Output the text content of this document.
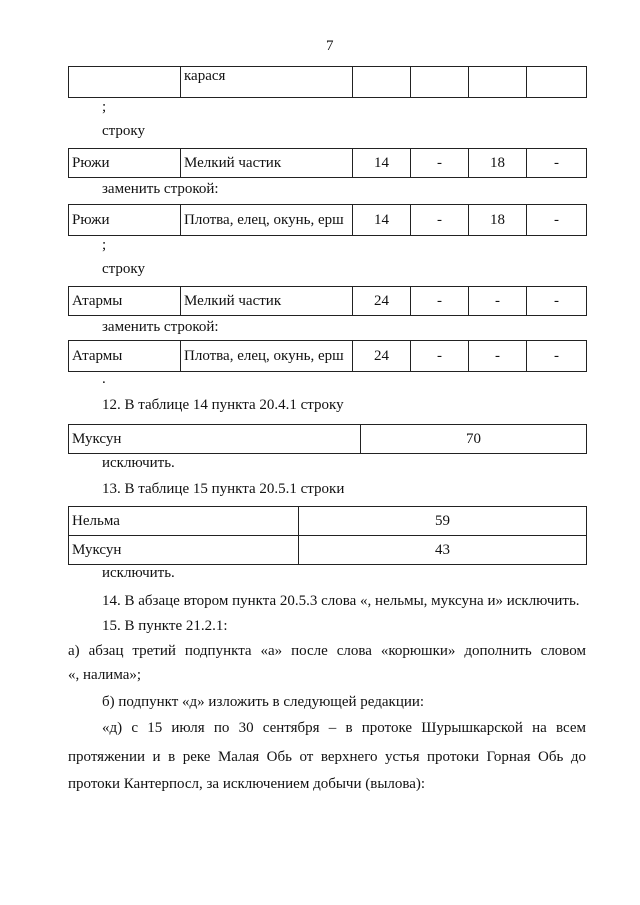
7
	карася				
;
строку
Рюжи	Мелкий частик	14	-	18	-
заменить строкой:
Рюжи	Плотва, елец, окунь, ерш	14	-	18	-
;
строку
Атармы	Мелкий частик	24	-	-	-
заменить строкой:
Атармы	Плотва, елец, окунь, ерш	24	-	-	-
.
12. В таблице 14 пункта 20.4.1 строку
Муксун	70
исключить.
13. В таблице 15 пункта 20.5.1 строки
Нельма	59
Муксун	43
исключить.
14. В абзаце втором пункта 20.5.3 слова «, нельмы, муксуна и» исключить.
15. В пункте 21.2.1:
а) абзац третий подпункта «а» после слова «корюшки» дополнить словом
«, налима»;
б) подпункт «д» изложить в следующей редакции:
«д) с 15 июля по 30 сентября – в протоке Шурышкарской на всем
протяжении и в реке Малая Обь от верхнего устья протоки Горная Обь до
протоки Кантерпосл, за исключением добычи (вылова):
